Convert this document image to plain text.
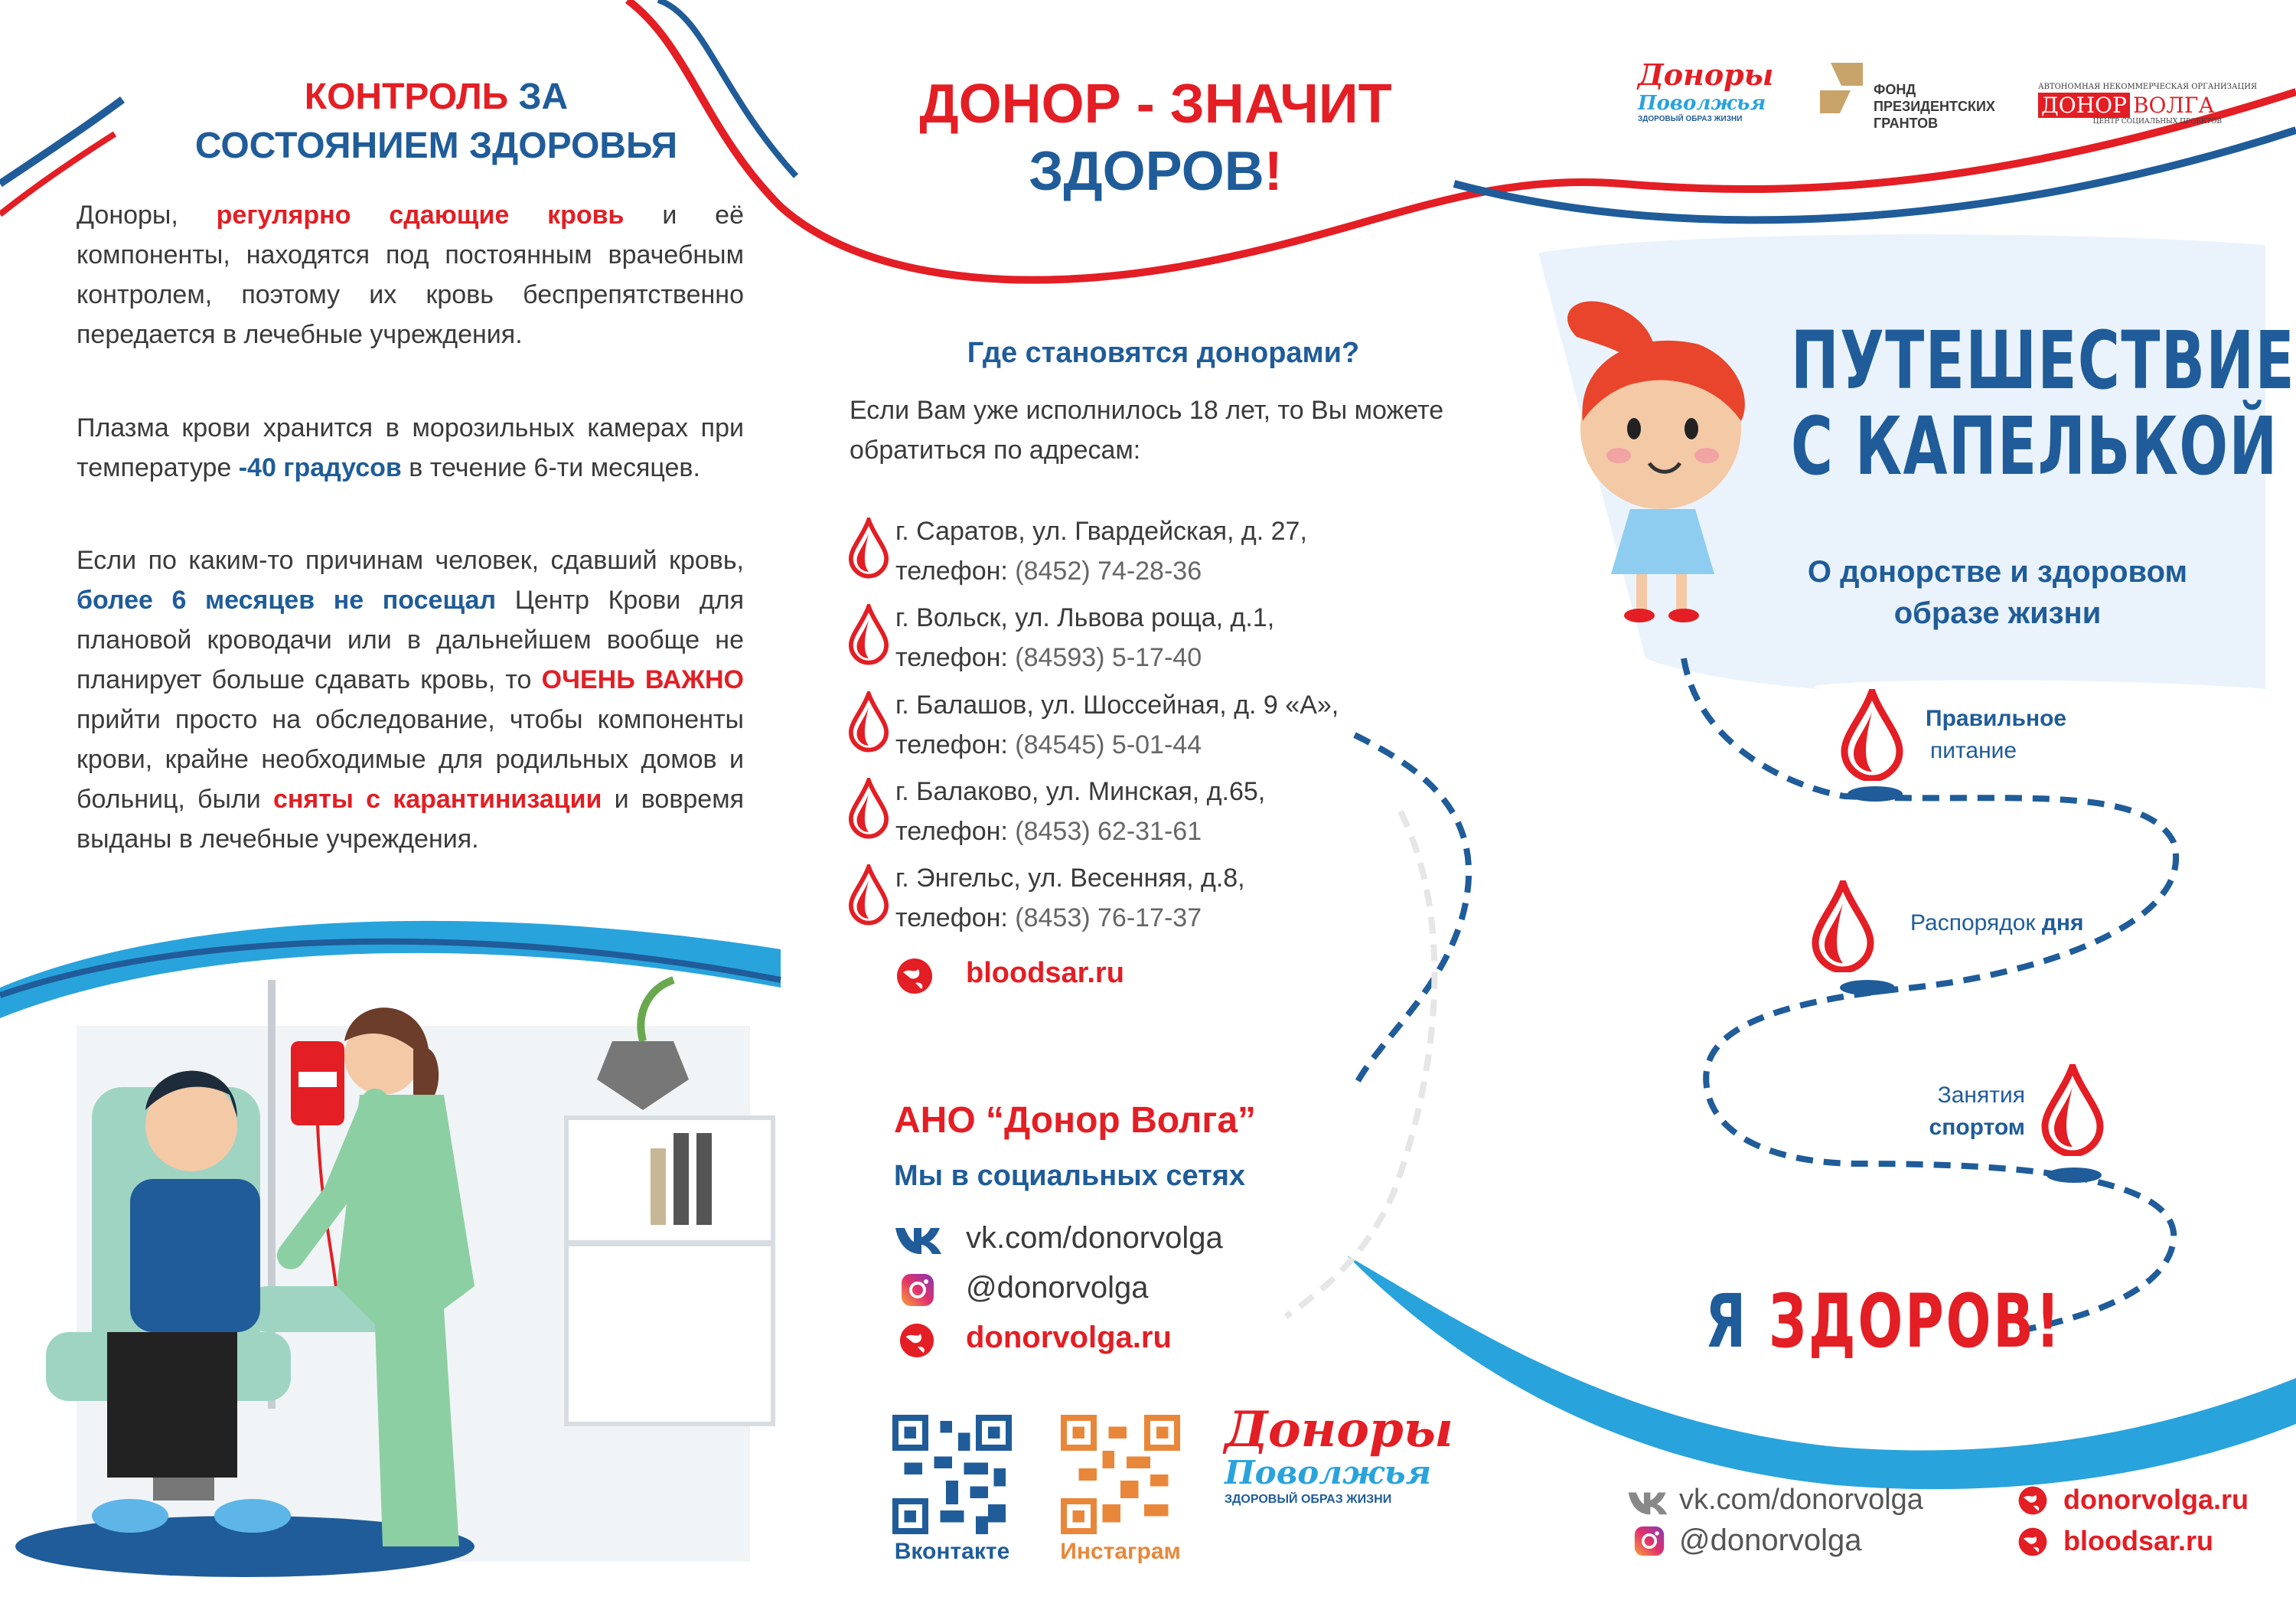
КОНТРОЛЬ ЗА
СОСТОЯНИЕМ ЗДОРОВЬЯ
Доноры, регулярно сдающие кровь и её компоненты, находятся под постоянным врачебным контролем, поэтому их кровь беспрепятственно передается в лечебные учреждения.
Плазма крови хранится в морозильных камерах при температуре -40 градусов в течение 6-ти месяцев.
Если по каким-то причинам человек, сдавший кровь, более 6 месяцев не посещал Центр Крови для плановой кроводачи или в дальнейшем вообще не планирует больше сдавать кровь, то ОЧЕНЬ ВАЖНО прийти просто на обследование, чтобы компоненты крови, крайне необходимые для родильных домов и больниц, были сняты с карантинизации и вовремя выданы в лечебные учреждения.
ДОНОР - ЗНАЧИТ
ЗДОРОВ!
Где становятся донорами?
Если Вам уже исполнилось 18 лет, то Вы можете обратиться по адресам:
г. Саратов, ул. Гвардейская, д. 27,
телефон: (8452) 74-28-36
г. Вольск, ул. Львова роща, д.1,
телефон: (84593) 5-17-40
г. Балашов, ул. Шоссейная, д. 9 «А»,
телефон: (84545) 5-01-44
г. Балаково, ул. Минская, д.65,
телефон: (8453) 62-31-61
г. Энгельс, ул. Весенняя, д.8,
телефон: (8453) 76-17-37
bloodsar.ru
АНО “Донор Волга”
Мы в социальных сетях
vk.com/donorvolga
@donorvolga
donorvolga.ru
Вконтакте	Инстаграм
Доноры
Поволжья
ЗДОРОВЫЙ ОБРАЗ ЖИЗНИ
Доноры
Поволжья
ЗДОРОВЫЙ ОБРАЗ ЖИЗНИ
ФОНД
ПРЕЗИДЕНТСКИХ
ГРАНТОВ
АВТОНОМНАЯ НЕКОММЕРЧЕСКАЯ ОРГАНИЗАЦИЯ
ДОНОР ВОЛГА
ЦЕНТР СОЦИАЛЬНЫХ ПРОЕКТОВ
ПУТЕШЕСТВИЕ
С КАПЕЛЬКОЙ
О донорстве и здоровом образе жизни
Правильное
питание
Распорядок дня
Занятия
спортом
Я ЗДОРОВ!
vk.com/donorvolga
@donorvolga
donorvolga.ru
bloodsar.ru
